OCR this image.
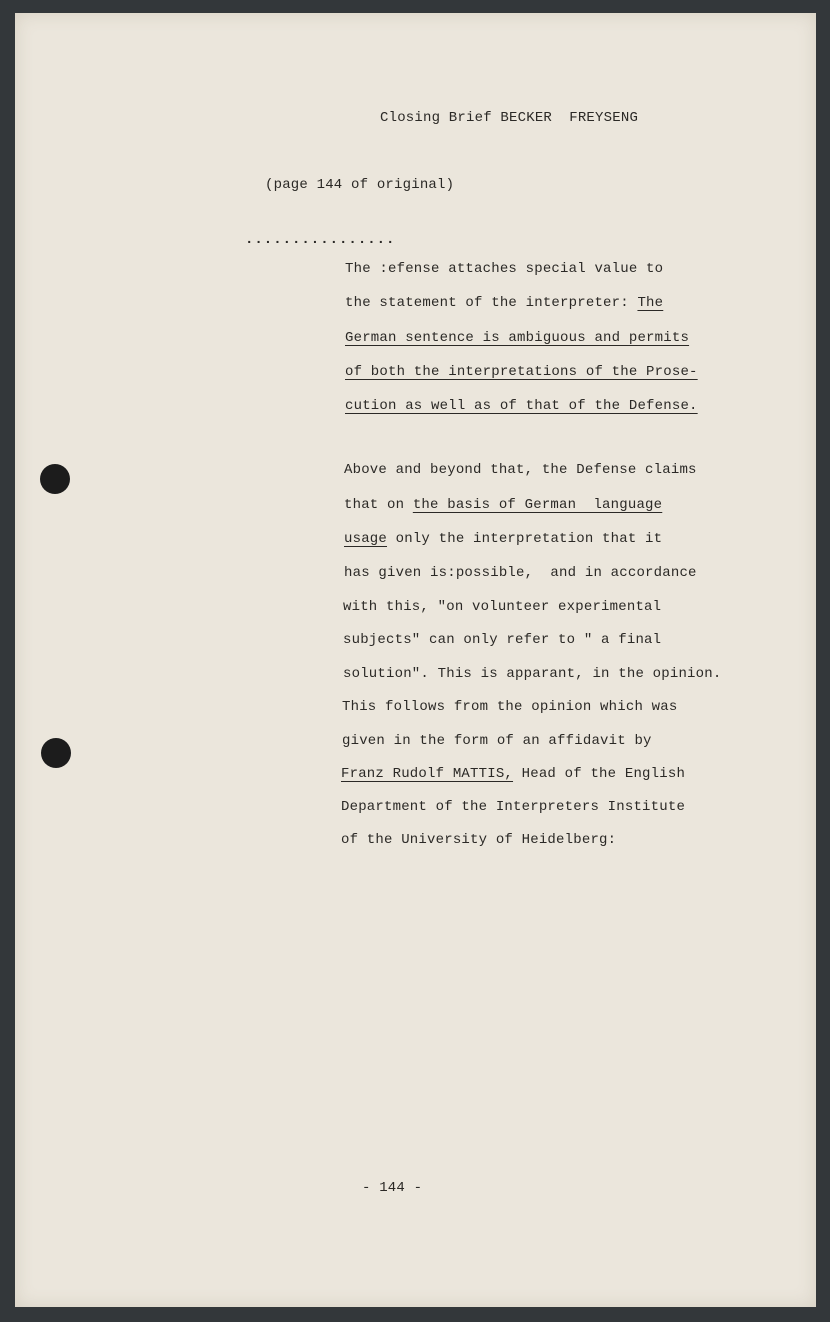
Closing Brief BECKER  FREYSENG
(page 144 of original)
................
The :efense attaches special value to
the statement of the interpreter: The
German sentence is ambiguous and permits
of both the interpretations of the Prose-
cution as well as of that of the Defense.
Above and beyond that, the Defense claims
that on the basis of German  language
usage only the interpretation that it
has given is:possible,  and in accordance
with this, "on volunteer experimental
subjects" can only refer to " a final
solution". This is apparant, in the opinion.
This follows from the opinion which was
given in the form of an affidavit by
Franz Rudolf MATTIS, Head of the English
Department of the Interpreters Institute
of the University of Heidelberg:
- 144 -
